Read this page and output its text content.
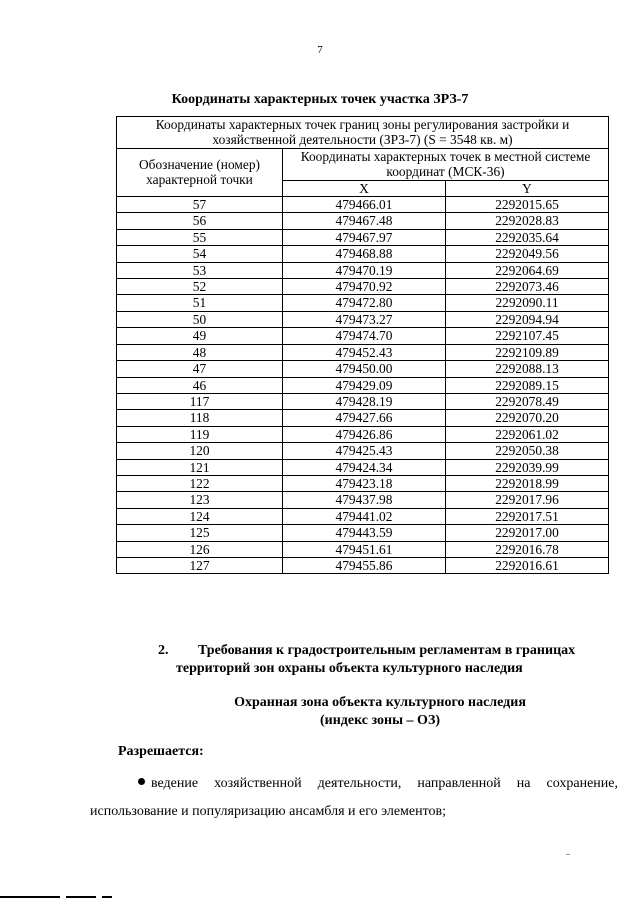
7
Координаты характерных точек участка ЗРЗ-7
Координаты характерных точек границ зоны регулирования застройки и хозяйственной деятельности (ЗРЗ-7) (S = 3548 кв. м)		
Обозначение (номер) характерной точки	Координаты характерных точек в местной системе координат (МСК-36)	
	X	Y
57	479466.01	2292015.65
56	479467.48	2292028.83
55	479467.97	2292035.64
54	479468.88	2292049.56
53	479470.19	2292064.69
52	479470.92	2292073.46
51	479472.80	2292090.11
50	479473.27	2292094.94
49	479474.70	2292107.45
48	479452.43	2292109.89
47	479450.00	2292088.13
46	479429.09	2292089.15
117	479428.19	2292078.49
118	479427.66	2292070.20
119	479426.86	2292061.02
120	479425.43	2292050.38
121	479424.34	2292039.99
122	479423.18	2292018.99
123	479437.98	2292017.96
124	479441.02	2292017.51
125	479443.59	2292017.00
126	479451.61	2292016.78
127	479455.86	2292016.61
2. Требования к градостроительным регламентам в границах
территорий зон охраны объекта культурного наследия
Охранная зона объекта культурного наследия
(индекс зоны – ОЗ)
Разрешается:
ведение хозяйственной деятельности, направленной на сохранение,
использование и популяризацию ансамбля и его элементов;
